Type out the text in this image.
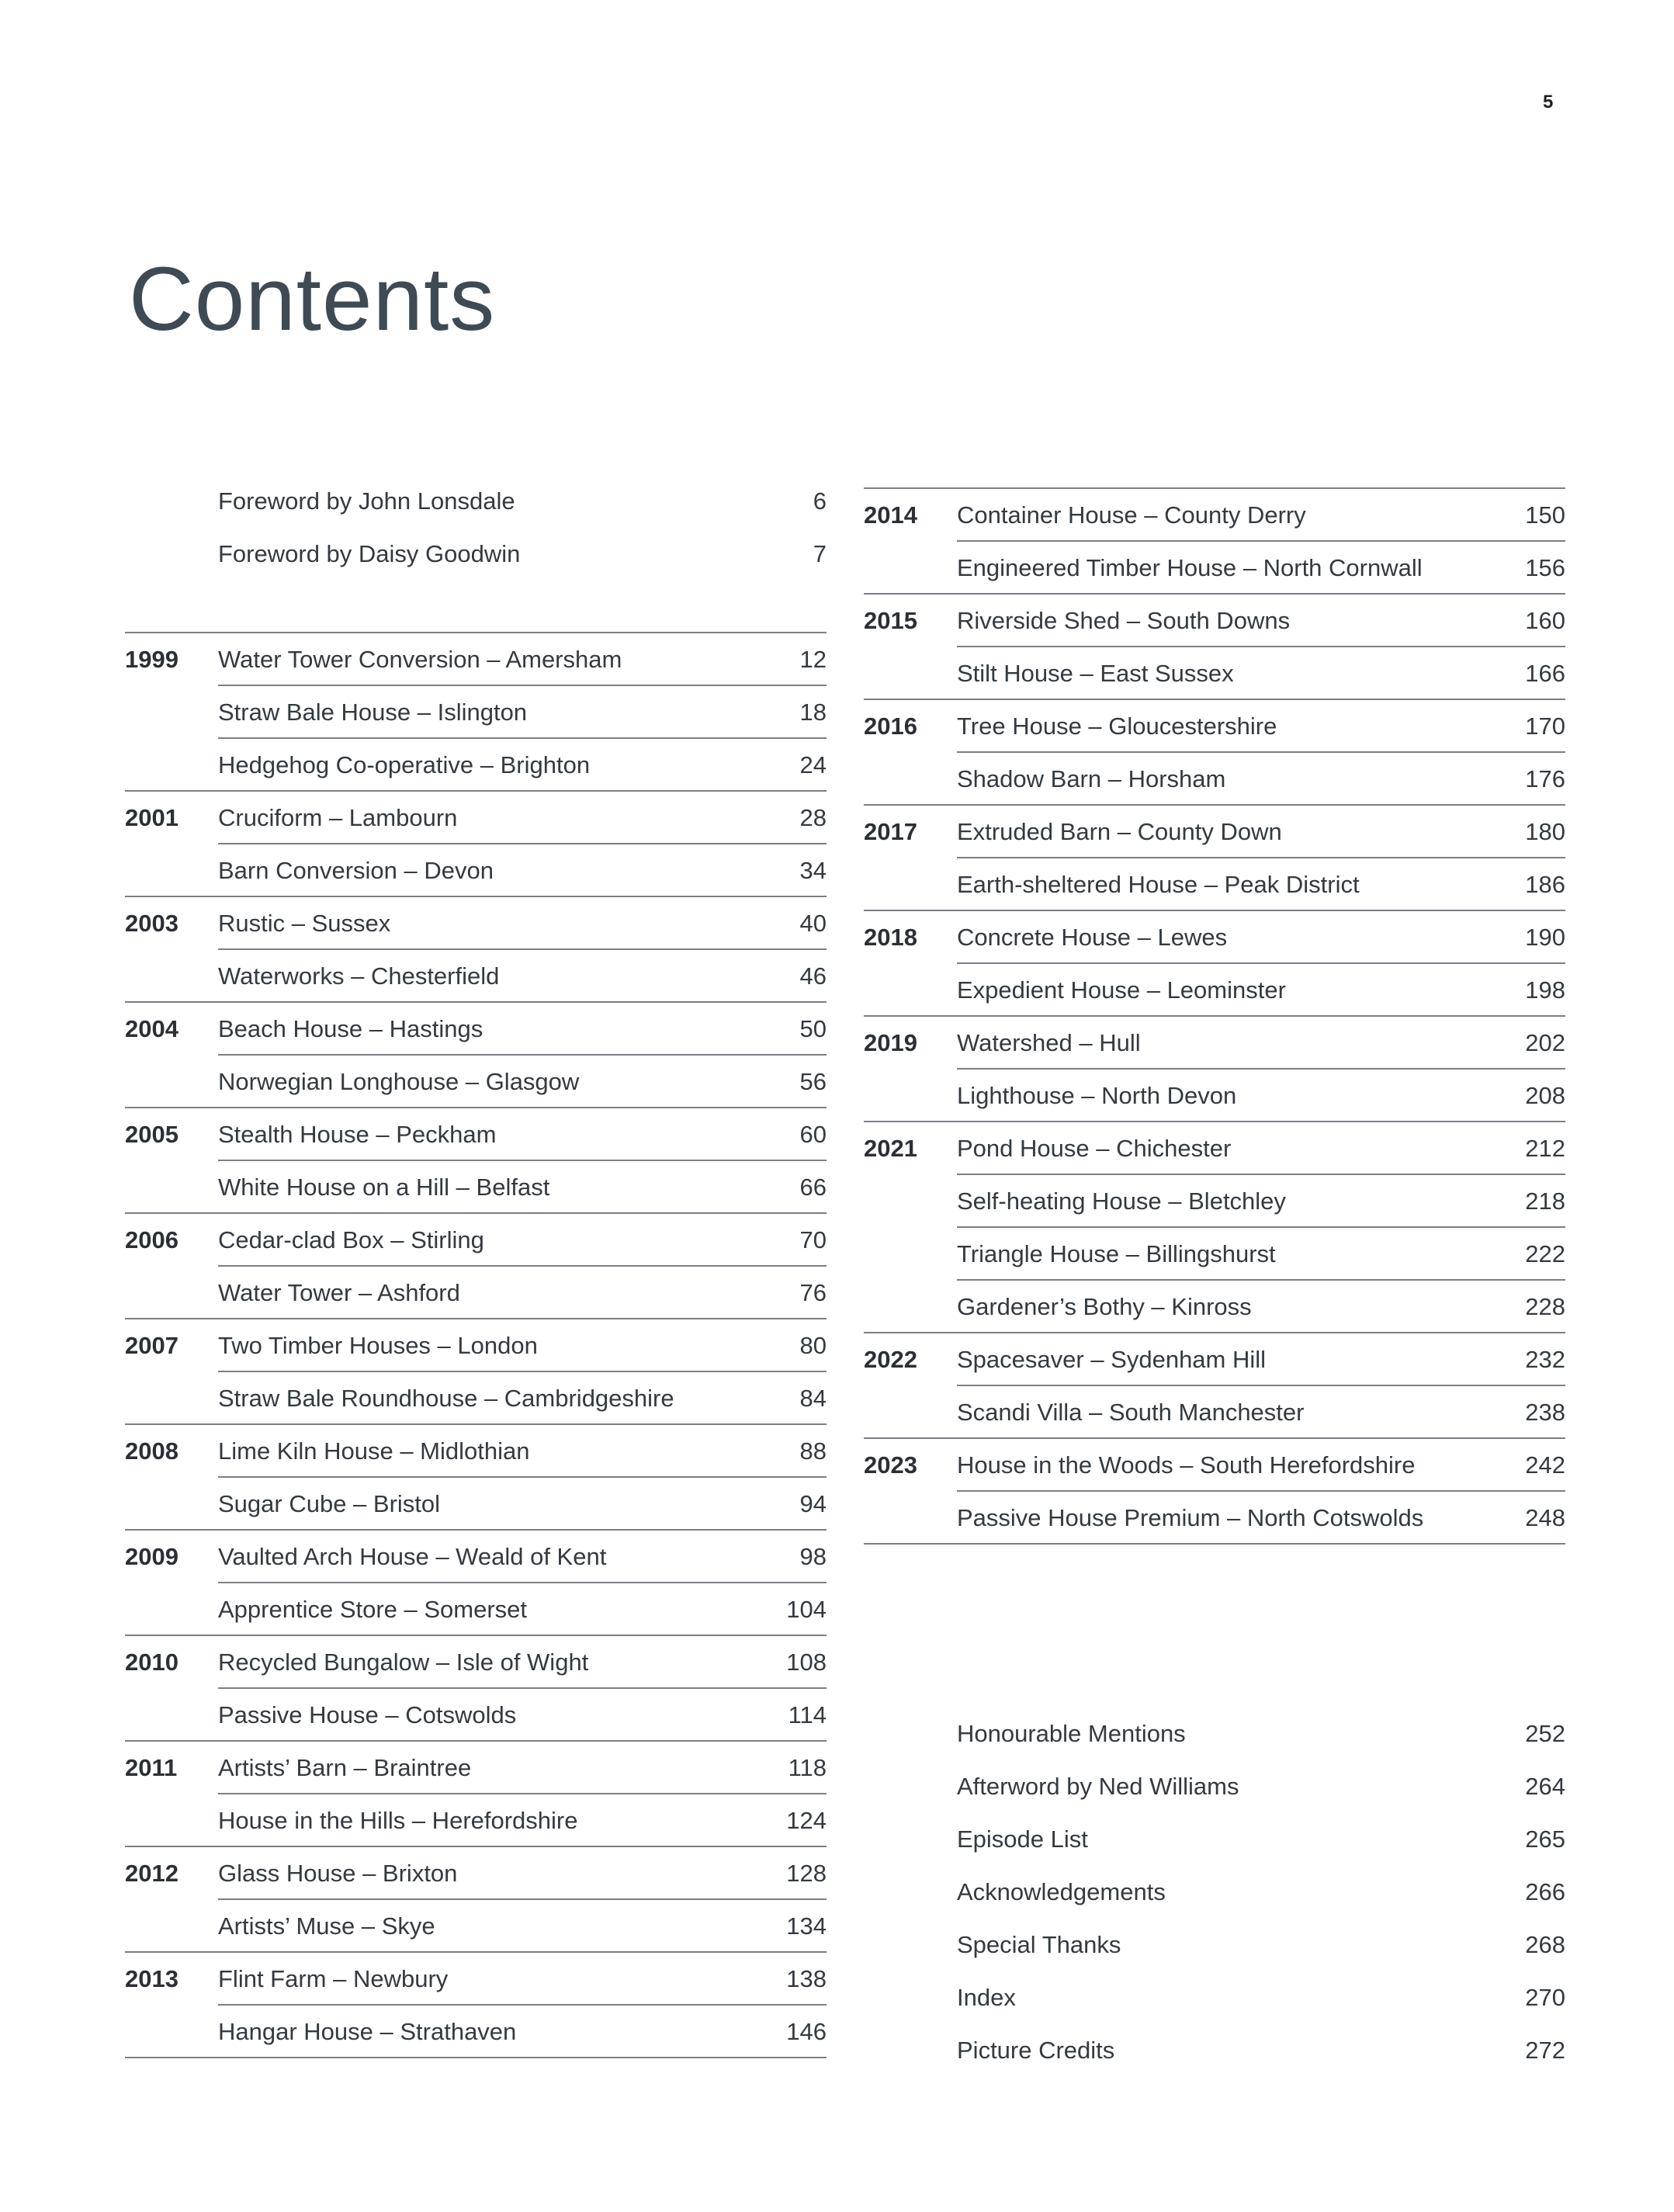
5
Contents
Foreword by John Lonsdale	6
Foreword by Daisy Goodwin	7
1999 Water Tower Conversion – Amersham	12
Straw Bale House – Islington	18
Hedgehog Co-operative – Brighton	24
2001 Cruciform – Lambourn	28
Barn Conversion – Devon	34
2003 Rustic – Sussex	40
Waterworks – Chesterfield	46
2004 Beach House – Hastings	50
Norwegian Longhouse – Glasgow	56
2005 Stealth House – Peckham	60
White House on a Hill – Belfast	66
2006 Cedar-clad Box – Stirling	70
Water Tower – Ashford	76
2007 Two Timber Houses – London	80
Straw Bale Roundhouse – Cambridgeshire	84
2008 Lime Kiln House – Midlothian	88
Sugar Cube – Bristol	94
2009 Vaulted Arch House – Weald of Kent	98
Apprentice Store – Somerset	104
2010 Recycled Bungalow – Isle of Wight	108
Passive House – Cotswolds	114
2011 Artists’ Barn – Braintree	118
House in the Hills – Herefordshire	124
2012 Glass House – Brixton	128
Artists’ Muse – Skye	134
2013 Flint Farm – Newbury	138
Hangar House – Strathaven	146
2014 Container House – County Derry	150
Engineered Timber House – North Cornwall	156
2015 Riverside Shed – South Downs	160
Stilt House – East Sussex	166
2016 Tree House – Gloucestershire	170
Shadow Barn – Horsham	176
2017 Extruded Barn – County Down	180
Earth-sheltered House – Peak District	186
2018 Concrete House – Lewes	190
Expedient House – Leominster	198
2019 Watershed – Hull	202
Lighthouse – North Devon	208
2021 Pond House – Chichester	212
Self-heating House – Bletchley	218
Triangle House – Billingshurst	222
Gardener’s Bothy – Kinross	228
2022 Spacesaver – Sydenham Hill	232
Scandi Villa – South Manchester	238
2023 House in the Woods – South Herefordshire	242
Passive House Premium – North Cotswolds	248
Honourable Mentions	252
Afterword by Ned Williams	264
Episode List	265
Acknowledgements	266
Special Thanks	268
Index	270
Picture Credits	272
